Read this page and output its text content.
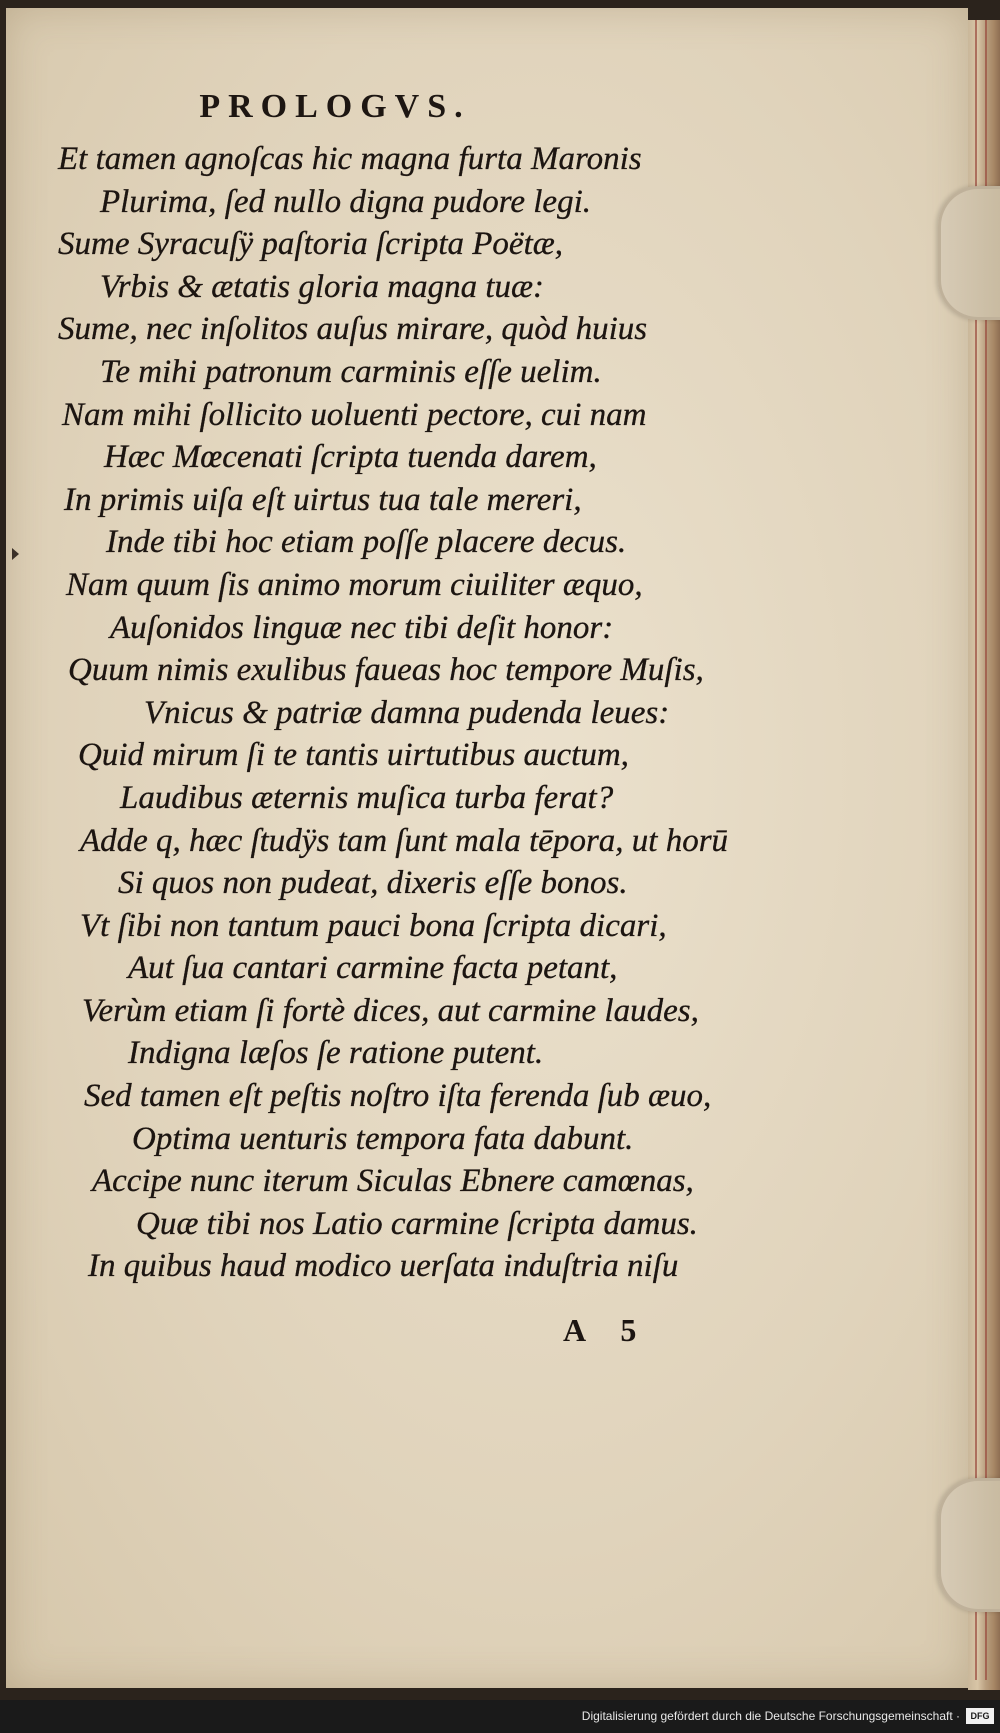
PROLOGVS.
Et tamen agnoſcas hic magna furta Maronis
Plurima, ſed nullo digna pudore legi.
Sume Syracuſÿ paſtoria ſcripta Poëtæ,
Vrbis & ætatis gloria magna tuæ:
Sume, nec inſolitos auſus mirare, quòd huius
Te mihi patronum carminis eſſe uelim.
Nam mihi ſollicito uoluenti pectore, cui nam
Hæc Mœcenati ſcripta tuenda darem,
In primis uiſa eſt uirtus tua tale mereri,
Inde tibi hoc etiam poſſe placere decus.
Nam quum ſis animo morum ciuiliter æquo,
Auſonidos linguæ nec tibi deſit honor:
Quum nimis exulibus faueas hoc tempore Muſis,
Vnicus & patriæ damna pudenda leues:
Quid mirum ſi te tantis uirtutibus auctum,
Laudibus æternis muſica turba ferat?
Adde q, hæc ſtudÿs tam ſunt mala tēpora, ut horū
Si quos non pudeat, dixeris eſſe bonos.
Vt ſibi non tantum pauci bona ſcripta dicari,
Aut ſua cantari carmine facta petant,
Verùm etiam ſi fortè dices, aut carmine laudes,
Indigna læſos ſe ratione putent.
Sed tamen eſt peſtis noſtro iſta ferenda ſub æuo,
Optima uenturis tempora fata dabunt.
Accipe nunc iterum Siculas Ebnere camœnas,
Quæ tibi nos Latio carmine ſcripta damus.
In quibus haud modico uerſata induſtria niſu
A 5
Digitalisierung gefördert durch die Deutsche Forschungsgemeinschaft ·	DFG
